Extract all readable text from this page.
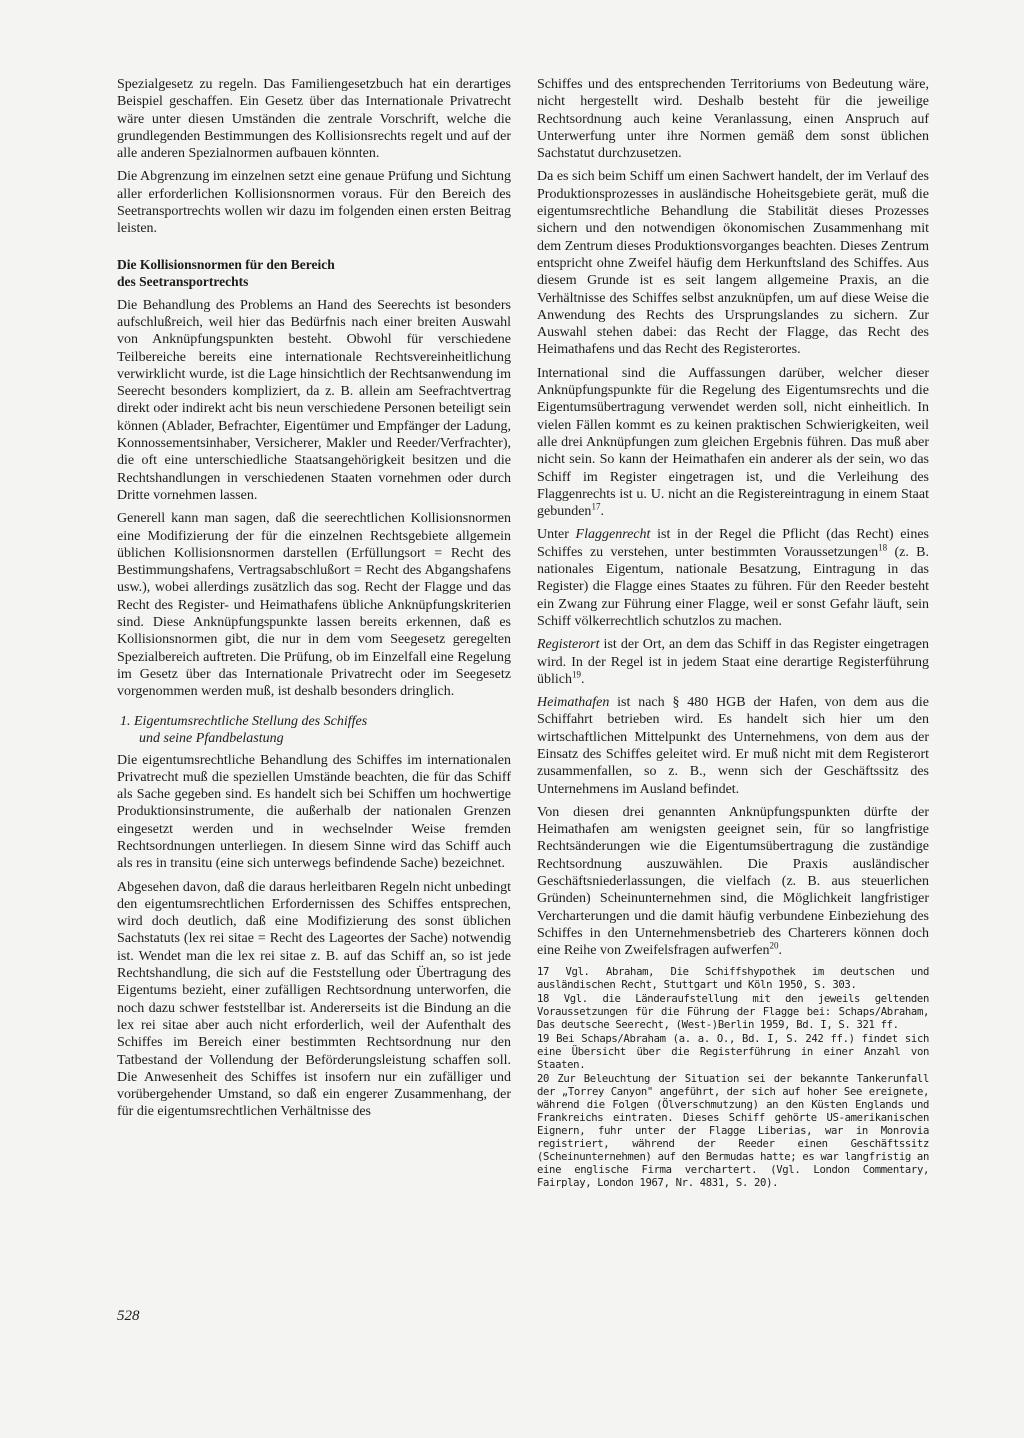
Spezialgesetz zu regeln. Das Familiengesetzbuch hat ein derartiges Beispiel geschaffen. Ein Gesetz über das Internationale Privatrecht wäre unter diesen Umständen die zentrale Vorschrift, welche die grundlegenden Bestimmungen des Kollisionsrechts regelt und auf der alle anderen Spezialnormen aufbauen könnten.

Die Abgrenzung im einzelnen setzt eine genaue Prüfung und Sichtung aller erforderlichen Kollisionsnormen voraus. Für den Bereich des Seetransportrechts wollen wir dazu im folgenden einen ersten Beitrag leisten.

Die Kollisionsnormen für den Bereich
des Seetransportrechts

Die Behandlung des Problems an Hand des Seerechts ist besonders aufschlußreich, weil hier das Bedürfnis nach einer breiten Auswahl von Anknüpfungspunkten besteht. Obwohl für verschiedene Teilbereiche bereits eine internationale Rechtsvereinheitlichung verwirklicht wurde, ist die Lage hinsichtlich der Rechtsanwendung im Seerecht besonders kompliziert, da z. B. allein am Seefrachtvertrag direkt oder indirekt acht bis neun verschiedene Personen beteiligt sein können (Ablader, Befrachter, Eigentümer und Empfänger der Ladung, Konnossementsinhaber, Versicherer, Makler und Reeder/Verfrachter), die oft eine unterschiedliche Staatsangehörigkeit besitzen und die Rechtshandlungen in verschiedenen Staaten vornehmen oder durch Dritte vornehmen lassen.

Generell kann man sagen, daß die seerechtlichen Kollisionsnormen eine Modifizierung der für die einzelnen Rechtsgebiete allgemein üblichen Kollisionsnormen darstellen (Erfüllungsort = Recht des Bestimmungshafens, Vertragsabschlußort = Recht des Abgangshafens usw.), wobei allerdings zusätzlich das sog. Recht der Flagge und das Recht des Register- und Heimathafens übliche Anknüpfungskriterien sind. Diese Anknüpfungspunkte lassen bereits erkennen, daß es Kollisionsnormen gibt, die nur in dem vom Seegesetz geregelten Spezialbereich auftreten. Die Prüfung, ob im Einzelfall eine Regelung im Gesetz über das Internationale Privatrecht oder im Seegesetz vorgenommen werden muß, ist deshalb besonders dringlich.

1. Eigentumsrechtliche Stellung des Schiffes
und seine Pfandbelastung

Die eigentumsrechtliche Behandlung des Schiffes im internationalen Privatrecht muß die speziellen Umstände beachten, die für das Schiff als Sache gegeben sind. Es handelt sich bei Schiffen um hochwertige Produktionsinstrumente, die außerhalb der nationalen Grenzen eingesetzt werden und in wechselnder Weise fremden Rechtsordnungen unterliegen. In diesem Sinne wird das Schiff auch als res in transitu (eine sich unterwegs befindende Sache) bezeichnet.

Abgesehen davon, daß die daraus herleitbaren Regeln nicht unbedingt den eigentumsrechtlichen Erfordernissen des Schiffes entsprechen, wird doch deutlich, daß eine Modifizierung des sonst üblichen Sachstatuts (lex rei sitae = Recht des Lageortes der Sache) notwendig ist. Wendet man die lex rei sitae z. B. auf das Schiff an, so ist jede Rechtshandlung, die sich auf die Feststellung oder Übertragung des Eigentums bezieht, einer zufälligen Rechtsordnung unterworfen, die noch dazu schwer feststellbar ist. Andererseits ist die Bindung an die lex rei sitae aber auch nicht erforderlich, weil der Aufenthalt des Schiffes im Bereich einer bestimmten Rechtsordnung nur den Tatbestand der Vollendung der Beförderungsleistung schaffen soll. Die Anwesenheit des Schiffes ist insofern nur ein zufälliger und vorübergehender Umstand, so daß ein engerer Zusammenhang, der für die eigentumsrechtlichen Verhältnisse des

Schiffes und des entsprechenden Territoriums von Bedeutung wäre, nicht hergestellt wird. Deshalb besteht für die jeweilige Rechtsordnung auch keine Veranlassung, einen Anspruch auf Unterwerfung unter ihre Normen gemäß dem sonst üblichen Sachstatut durchzusetzen.

Da es sich beim Schiff um einen Sachwert handelt, der im Verlauf des Produktionsprozesses in ausländische Hoheitsgebiete gerät, muß die eigentumsrechtliche Behandlung die Stabilität dieses Prozesses sichern und den notwendigen ökonomischen Zusammenhang mit dem Zentrum dieses Produktionsvorganges beachten. Dieses Zentrum entspricht ohne Zweifel häufig dem Herkunftsland des Schiffes. Aus diesem Grunde ist es seit langem allgemeine Praxis, an die Verhältnisse des Schiffes selbst anzuknüpfen, um auf diese Weise die Anwendung des Rechts des Ursprungslandes zu sichern. Zur Auswahl stehen dabei: das Recht der Flagge, das Recht des Heimathafens und das Recht des Registerortes.

International sind die Auffassungen darüber, welcher dieser Anknüpfungspunkte für die Regelung des Eigentumsrechts und die Eigentumsübertragung verwendet werden soll, nicht einheitlich. In vielen Fällen kommt es zu keinen praktischen Schwierigkeiten, weil alle drei Anknüpfungen zum gleichen Ergebnis führen. Das muß aber nicht sein. So kann der Heimathafen ein anderer als der sein, wo das Schiff im Register eingetragen ist, und die Verleihung des Flaggenrechts ist u. U. nicht an die Registereintragung in einem Staat gebunden$^{17}$.

Unter Flaggenrecht ist in der Regel die Pflicht (das Recht) eines Schiffes zu verstehen, unter bestimmten Voraussetzungen$^{18}$ (z. B. nationales Eigentum, nationale Besatzung, Eintragung in das Register) die Flagge eines Staates zu führen. Für den Reeder besteht ein Zwang zur Führung einer Flagge, weil er sonst Gefahr läuft, sein Schiff völkerrechtlich schutzlos zu machen.

Registerort ist der Ort, an dem das Schiff in das Register eingetragen wird. In der Regel ist in jedem Staat eine derartige Registerführung üblich$^{19}$.

Heimathafen ist nach § 480 HGB der Hafen, von dem aus die Schiffahrt betrieben wird. Es handelt sich hier um den wirtschaftlichen Mittelpunkt des Unternehmens, von dem aus der Einsatz des Schiffes geleitet wird. Er muß nicht mit dem Registerort zusammenfallen, so z. B., wenn sich der Geschäftssitz des Unternehmens im Ausland befindet.

Von diesen drei genannten Anknüpfungspunkten dürfte der Heimathafen am wenigsten geeignet sein, für so langfristige Rechtsänderungen wie die Eigentumsübertragung die zuständige Rechtsordnung auszuwählen. Die Praxis ausländischer Geschäftsniederlassungen, die vielfach (z. B. aus steuerlichen Gründen) Scheinunternehmen sind, die Möglichkeit langfristiger Vercharterungen und die damit häufig verbundene Einbeziehung des Schiffes in den Unternehmensbetrieb des Charterers können doch eine Reihe von Zweifelsfragen aufwerfen$^{20}$.

17 Vgl. Abraham, Die Schiffshypothek im deutschen und ausländischen Recht, Stuttgart und Köln 1950, S. 303.

18 Vgl. die Länderaufstellung mit den jeweils geltenden Voraussetzungen für die Führung der Flagge bei: Schaps/Abraham, Das deutsche Seerecht, (West-)Berlin 1959, Bd. I, S. 321 ff.

19 Bei Schaps/Abraham (a. a. O., Bd. I, S. 242 ff.) findet sich eine Übersicht über die Registerführung in einer Anzahl von Staaten.

20 Zur Beleuchtung der Situation sei der bekannte Tankerunfall der „Torrey Canyon" angeführt, der sich auf hoher See ereignete, während die Folgen (Ölverschmutzung) an den Küsten Englands und Frankreichs eintraten. Dieses Schiff gehörte US-amerikanischen Eignern, fuhr unter der Flagge Liberias, war in Monrovia registriert, während der Reeder einen Geschäftssitz (Scheinunternehmen) auf den Bermudas hatte; es war langfristig an eine englische Firma verchartert. (Vgl. London Commentary, Fairplay, London 1967, Nr. 4831, S. 20).

528
